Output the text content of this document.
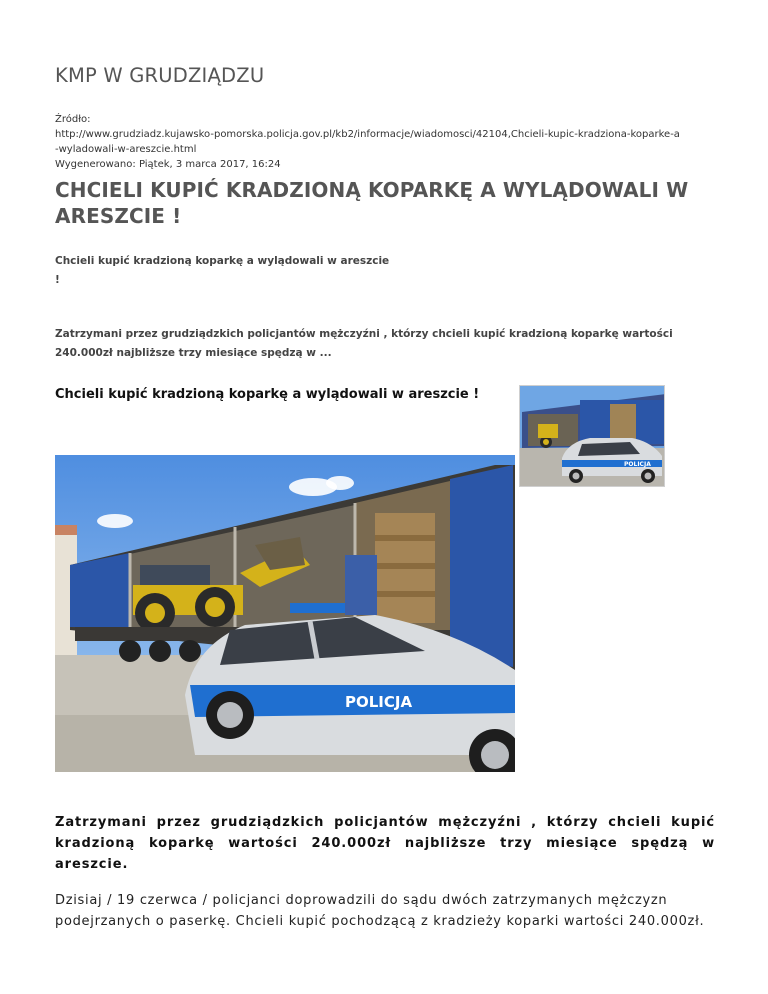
KMP W GRUDZIĄDZU
Źródło:
http://www.grudziadz.kujawsko-pomorska.policja.gov.pl/kb2/informacje/wiadomosci/42104,Chcieli-kupic-kradziona-koparke-a
-wyladowali-w-areszcie.html
Wygenerowano: Piątek, 3 marca 2017, 16:24
CHCIELI KUPIĆ KRADZIONĄ KOPARKĘ A WYLĄDOWALI W ARESZCIE !

Chcieli kupić kradzioną koparkę a wylądowali w areszcie !

Zatrzymani przez grudziądzkich policjantów mężczyźni , którzy chcieli kupić kradzioną koparkę wartości 240.000zł najbliższe trzy miesiące spędzą w ...

Chcieli kupić kradzioną koparkę a wylądowali w areszcie !
POLICJA
POLICJA

Zatrzymani przez grudziądzkich policjantów mężczyźni , którzy chcieli kupić kradzioną koparkę wartości 240.000zł najbliższe trzy miesiące spędzą w areszcie.

Dzisiaj / 19 czerwca / policjanci doprowadzili do sądu dwóch zatrzymanych mężczyzn podejrzanych o paserkę. Chcieli kupić pochodzącą z kradzieży koparki wartości 240.000zł.
